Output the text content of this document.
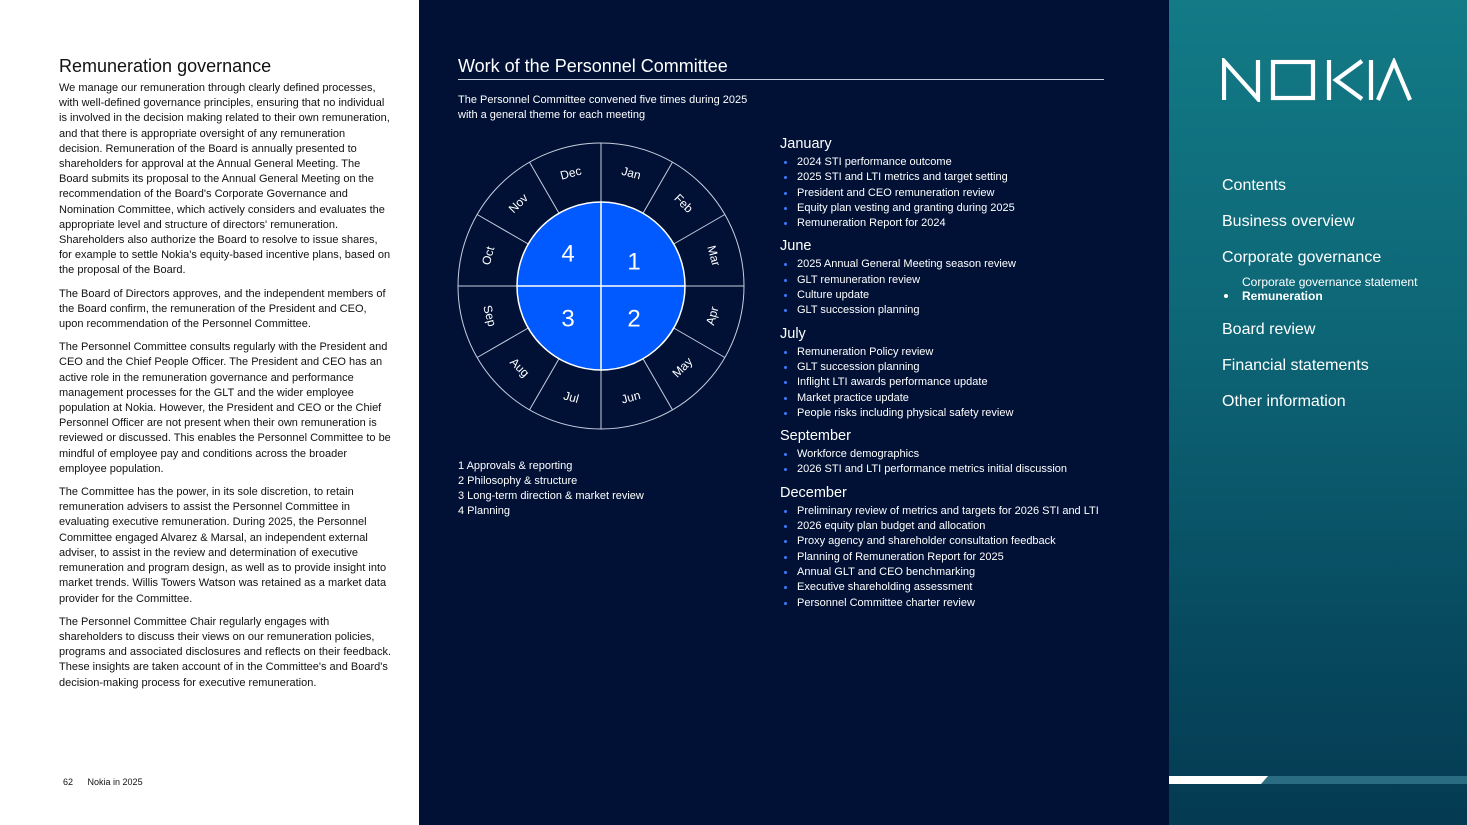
Remuneration governance

We manage our remuneration through clearly defined processes, with well-defined governance principles, ensuring that no individual is involved in the decision making related to their own remuneration, and that there is appropriate oversight of any remuneration decision. Remuneration of the Board is annually presented to shareholders for approval at the Annual General Meeting. The Board submits its proposal to the Annual General Meeting on the recommendation of the Board's Corporate Governance and Nomination Committee, which actively considers and evaluates the appropriate level and structure of directors' remuneration. Shareholders also authorize the Board to resolve to issue shares, for example to settle Nokia's equity-based incentive plans, based on the proposal of the Board.

The Board of Directors approves, and the independent members of the Board confirm, the remuneration of the President and CEO, upon recommendation of the Personnel Committee.

The Personnel Committee consults regularly with the President and CEO and the Chief People Officer. The President and CEO has an active role in the remuneration governance and performance management processes for the GLT and the wider employee population at Nokia. However, the President and CEO or the Chief Personnel Officer are not present when their own remuneration is reviewed or discussed. This enables the Personnel Committee to be mindful of employee pay and conditions across the broader employee population.

The Committee has the power, in its sole discretion, to retain remuneration advisers to assist the Personnel Committee in evaluating executive remuneration. During 2025, the Personnel Committee engaged Alvarez & Marsal, an independent external adviser, to assist in the review and determination of executive remuneration and program design, as well as to provide insight into market trends. Willis Towers Watson was retained as a market data provider for the Committee.

The Personnel Committee Chair regularly engages with shareholders to discuss their views on our remuneration policies, programs and associated disclosures and reflects on their feedback. These insights are taken account of in the Committee's and Board's decision-making process for executive remuneration.

62 Nokia in 2025
Work of the Personnel Committee
The Personnel Committee convened five times during 2025 with a general theme for each meeting
1
2
3
4
Jan
Feb
Mar
Apr
May
Jun
Jul
Aug
Sep
Oct
Nov
Dec
1 Approvals & reporting
2 Philosophy & structure
3 Long-term direction & market review
4 Planning
January
2024 STI performance outcome
2025 STI and LTI metrics and target setting
President and CEO remuneration review
Equity plan vesting and granting during 2025
Remuneration Report for 2024
June
2025 Annual General Meeting season review
GLT remuneration review
Culture update
GLT succession planning
July
Remuneration Policy review
GLT succession planning
Inflight LTI awards performance update
Market practice update
People risks including physical safety review
September
Workforce demographics
2026 STI and LTI performance metrics initial discussion
December
Preliminary review of metrics and targets for 2026 STI and LTI
2026 equity plan budget and allocation
Proxy agency and shareholder consultation feedback
Planning of Remuneration Report for 2025
Annual GLT and CEO benchmarking
Executive shareholding assessment
Personnel Committee charter review
Contents
Business overview
Corporate governance
Corporate governance statement
Remuneration
Board review
Financial statements
Other information
